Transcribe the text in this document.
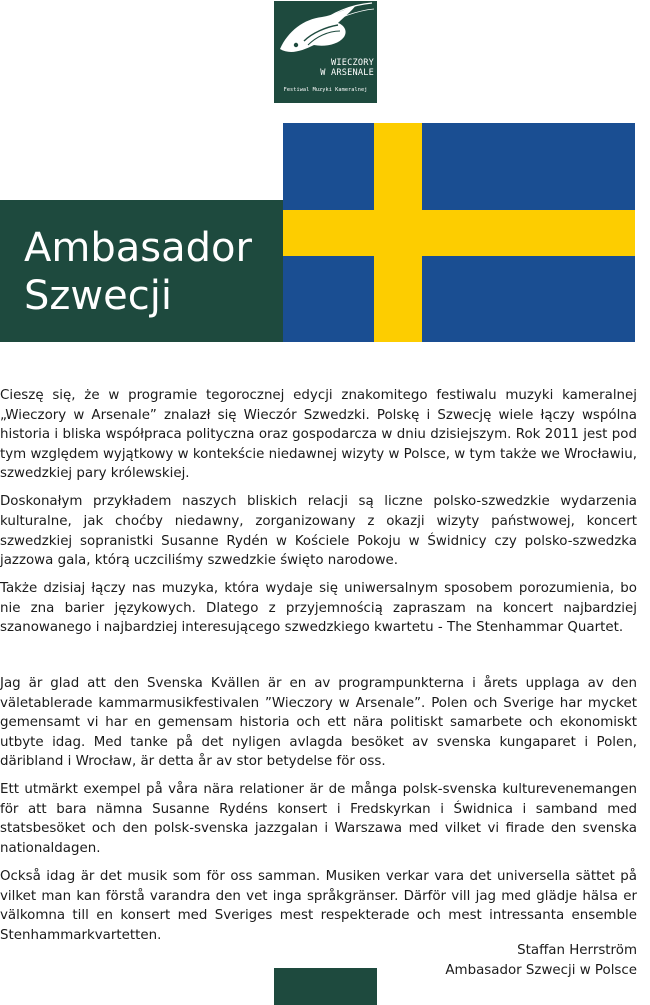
WIECZORY
W ARSENALE
Festiwal Muzyki Kameralnej
Ambasador
Szwecji

Cieszę się, że w programie tegorocznej edycji znakomitego festiwalu muzyki kameralnej „Wieczory w Arsenale” znalazł się Wieczór Szwedzki. Polskę i Szwecję wiele łączy wspólna historia i bliska współpraca polityczna oraz gospodarcza w dniu dzisiejszym. Rok 2011 jest pod tym względem wyjątkowy w kontekście niedawnej wizyty w Polsce, w tym także we Wrocławiu, szwedzkiej pary królewskiej.

Doskonałym przykładem naszych bliskich relacji są liczne polsko-szwedzkie wydarzenia kulturalne, jak choćby niedawny, zorganizowany z okazji wizyty państwowej, koncert szwedzkiej sopranistki Susanne Rydén w Kościele Pokoju w Świdnicy czy polsko-szwedzka jazzowa gala, którą uczciliśmy szwedzkie święto narodowe.

Także dzisiaj łączy nas muzyka, która wydaje się uniwersalnym sposobem porozumienia, bo nie zna barier językowych. Dlatego z przyjemnością zapraszam na koncert najbardziej szanowanego i najbardziej interesującego szwedzkiego kwartetu - The Stenhammar Quartet.

Jag är glad att den Svenska Kvällen är en av programpunkterna i årets upplaga av den väletablerade kammarmusikfestivalen ”Wieczory w Arsenale”. Polen och Sverige har mycket gemensamt vi har en gemensam historia och ett nära politiskt samarbete och ekonomiskt utbyte idag. Med tanke på det nyligen avlagda besöket av svenska kungaparet i Polen, däribland i Wrocław, är detta år av stor betydelse för oss.

Ett utmärkt exempel på våra nära relationer är de många polsk-svenska kulturevenemangen för att bara nämna Susanne Rydéns konsert i Fredskyrkan i Świdnica i samband med statsbesöket och den polsk-svenska jazzgalan i Warszawa med vilket vi firade den svenska nationaldagen.

Också idag är det musik som för oss samman. Musiken verkar vara det universella sättet på vilket man kan förstå varandra den vet inga språkgränser. Därför vill jag med glädje hälsa er välkomna till en konsert med Sveriges mest respekterade och mest intressanta ensemble Stenhammarkvartetten.

Staffan Herrström
Ambasador Szwecji w Polsce
